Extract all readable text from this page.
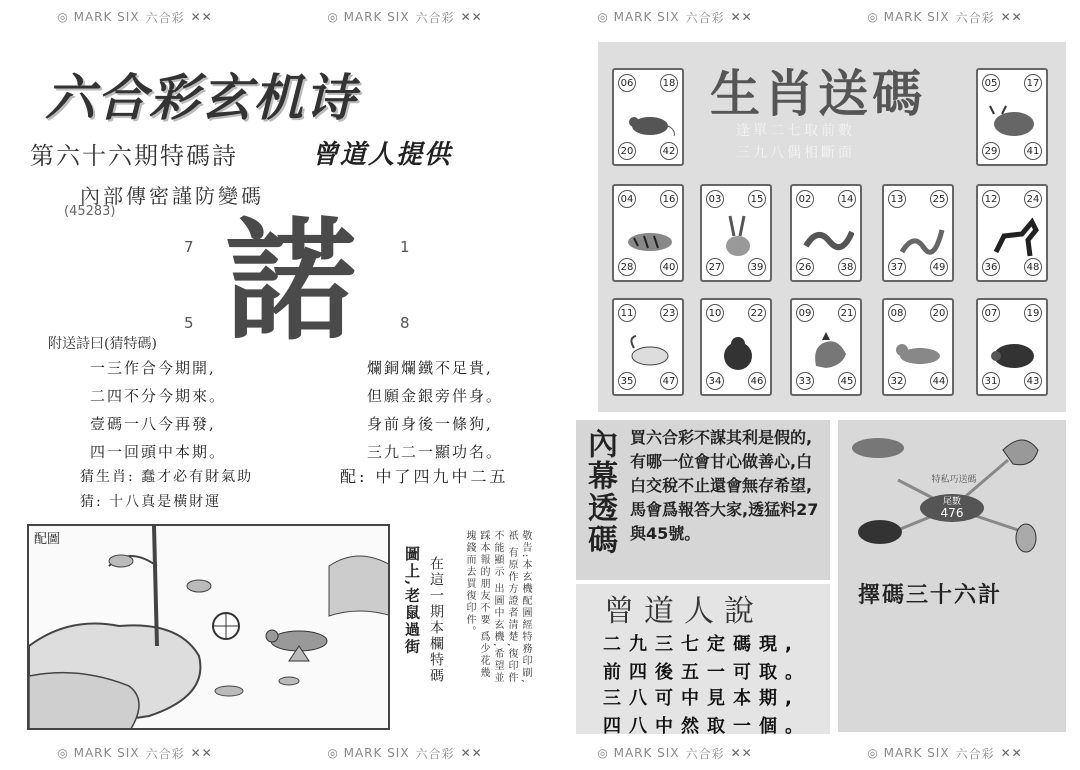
◎ MARK SIX 六合彩 ✕✕	◎ MARK SIX 六合彩 ✕✕	◎ MARK SIX 六合彩 ✕✕	◎ MARK SIX 六合彩 ✕✕
◎ MARK SIX 六合彩 ✕✕	◎ MARK SIX 六合彩 ✕✕	◎ MARK SIX 六合彩 ✕✕	◎ MARK SIX 六合彩 ✕✕
六合彩玄机诗
第六十六期特碼詩	曾道人提供
內部傳密謹防變碼
(45283) 諾
7	1
5	8
附送詩曰(猜特碼)
一三作合今期開,
二四不分今期來。
壹碼一八今再發,
四一回頭中本期。
爛銅爛鐵不足貴,
但願金銀旁伴身。
身前身後一條狗,
三九二一顯功名。
猜生肖: 蠢才必有財氣助
猜: 十八真是橫財運
配: 中了四九中二五
配圖
圖上,老鼠過街 在這一期本欄特碼	敬告:本玄機配圖經特務印刷,祇 有原作方證者清楚,復印件不能顯示 出圖中玄機,希望並踩本報的朋友不要 爲少花幾塊錢而去買復印件。
生肖送碼
逢單二七取前數
三九八偶相斷面
06	18
20	42
05	17
29	41
04	16
28	40
03	15
27	39
02	14
26	38
13	25
37	49
12	24
36	48
11	23
35	47
10	22
34	46
09	21
33	45
08	20
32	44
07	19
31	43
內幕透碼 買六合彩不謀其利是假的,有哪一位會甘心做善心,白白交稅不止還會無存希望,馬會爲報答大家,透猛料27與45號。
尾數
476
特私巧送碼
擇碼三十六計
曾道人說
二九三七定碼現,
前四後五一可取。
三八可中見本期,
四八中然取一個。
